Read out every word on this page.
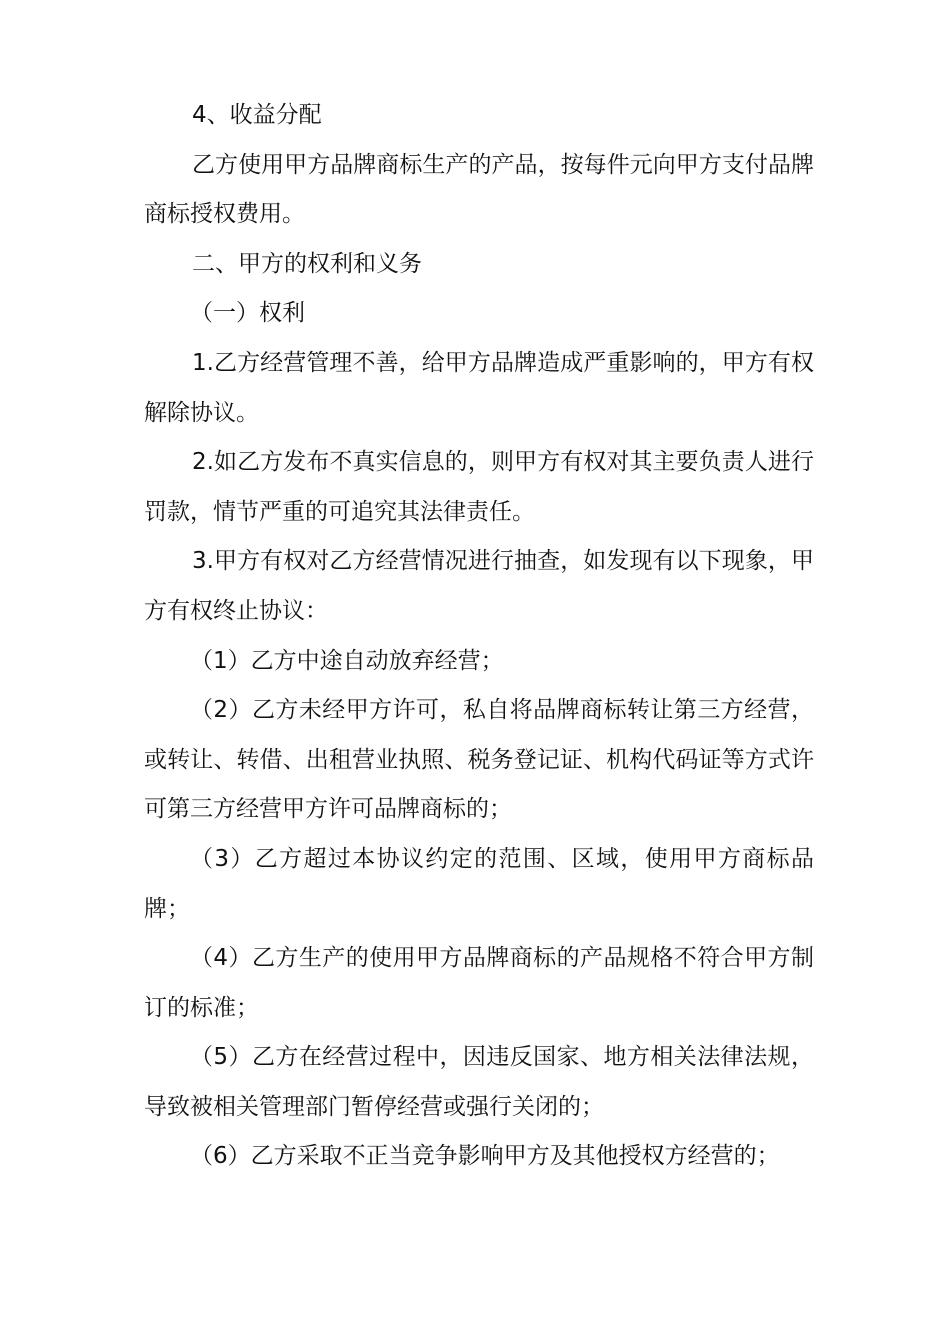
4、收益分配

乙方使用甲方品牌商标生产的产品，按每件元向甲方支付品牌商标授权费用。

二、甲方的权利和义务

（一）权利

1.乙方经营管理不善，给甲方品牌造成严重影响的，甲方有权解除协议。

2.如乙方发布不真实信息的，则甲方有权对其主要负责人进行罚款，情节严重的可追究其法律责任。

3.甲方有权对乙方经营情况进行抽查，如发现有以下现象，甲方有权终止协议：

（1）乙方中途自动放弃经营；

（2）乙方未经甲方许可，私自将品牌商标转让第三方经营，或转让、转借、出租营业执照、税务登记证、机构代码证等方式许可第三方经营甲方许可品牌商标的；

（3）乙方超过本协议约定的范围、区域，使用甲方商标品牌；

（4）乙方生产的使用甲方品牌商标的产品规格不符合甲方制订的标准；

（5）乙方在经营过程中，因违反国家、地方相关法律法规，导致被相关管理部门暂停经营或强行关闭的；

（6）乙方采取不正当竞争影响甲方及其他授权方经营的；
